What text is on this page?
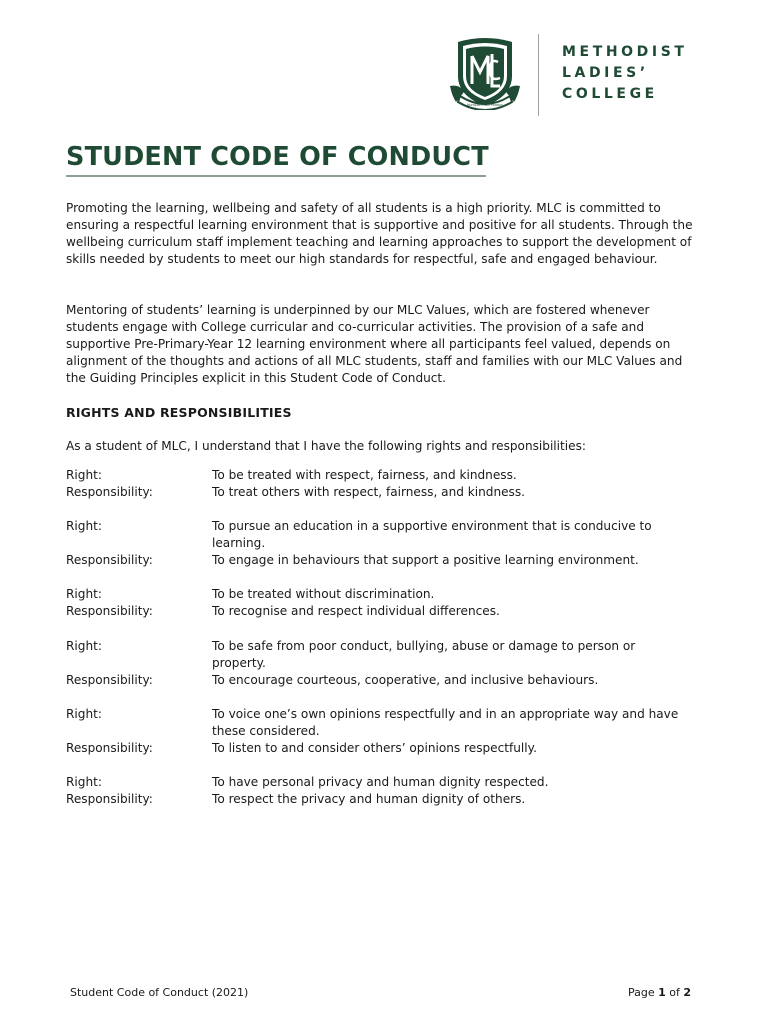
Nunquam Non Paratus
METHODIST
LADIES’
COLLEGE
STUDENT CODE OF CONDUCT

Promoting the learning, wellbeing and safety of all students is a high priority. MLC is committed to ensuring a respectful learning environment that is supportive and positive for all students. Through the wellbeing curriculum staff implement teaching and learning approaches to support the development of skills needed by students to meet our high standards for respectful, safe and engaged behaviour.

Mentoring of students’ learning is underpinned by our MLC Values, which are fostered whenever students engage with College curricular and co-curricular activities. The provision of a safe and supportive Pre-Primary-Year 12 learning environment where all participants feel valued, depends on alignment of the thoughts and actions of all MLC students, staff and families with our MLC Values and the Guiding Principles explicit in this Student Code of Conduct.

RIGHTS AND RESPONSIBILITIES

As a student of MLC, I understand that I have the following rights and responsibilities:

Right:	To be treated with respect, fairness, and kindness.
Responsibility:	To treat others with respect, fairness, and kindness.
Right:	To pursue an education in a supportive environment that is conducive to learning.
Responsibility:	To engage in behaviours that support a positive learning environment.
Right:	To be treated without discrimination.
Responsibility:	To recognise and respect individual differences.
Right:	To be safe from poor conduct, bullying, abuse or damage to person or property.
Responsibility:	To encourage courteous, cooperative, and inclusive behaviours.
Right:	To voice one’s own opinions respectfully and in an appropriate way and have these considered.
Responsibility:	To listen to and consider others’ opinions respectfully.
Right:	To have personal privacy and human dignity respected.
Responsibility:	To respect the privacy and human dignity of others.
Student Code of Conduct (2021)	Page 1 of 2
